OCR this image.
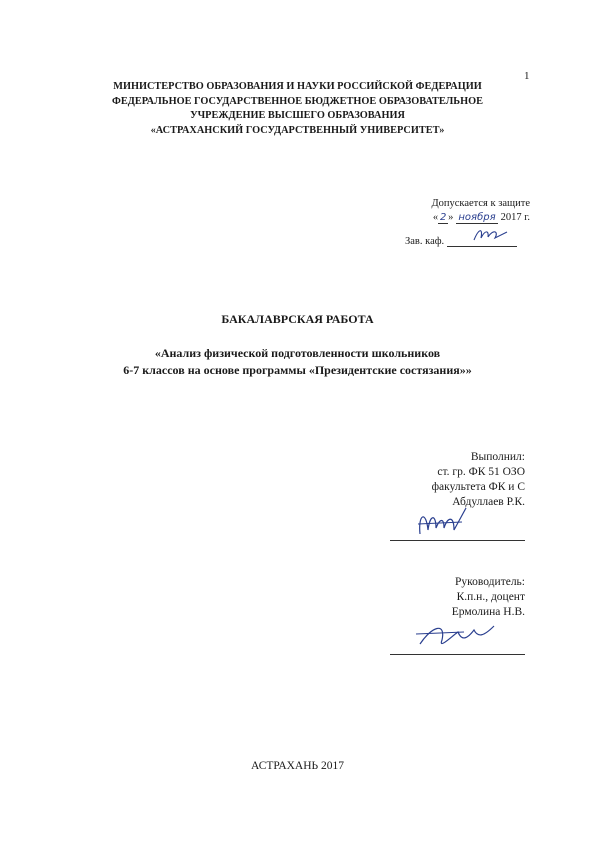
1
МИНИСТЕРСТВО ОБРАЗОВАНИЯ И НАУКИ РОССИЙСКОЙ ФЕДЕРАЦИИ
ФЕДЕРАЛЬНОЕ ГОСУДАРСТВЕННОЕ БЮДЖЕТНОЕ ОБРАЗОВАТЕЛЬНОЕ
УЧРЕЖДЕНИЕ ВЫСШЕГО ОБРАЗОВАНИЯ
«АСТРАХАНСКИЙ ГОСУДАРСТВЕННЫЙ УНИВЕРСИТЕТ»
Допускается к защите
« 2 » ноября 2017 г.
Зав. каф.
БАКАЛАВРСКАЯ РАБОТА
«Анализ физической подготовленности школьников
6-7 классов на основе программы «Президентские состязания»»
Выполнил:
ст. гр. ФК 51 ОЗО
факультета ФК и С
Абдуллаев Р.К.
Руководитель:
К.п.н., доцент
Ермолина Н.В.
АСТРАХАНЬ 2017
